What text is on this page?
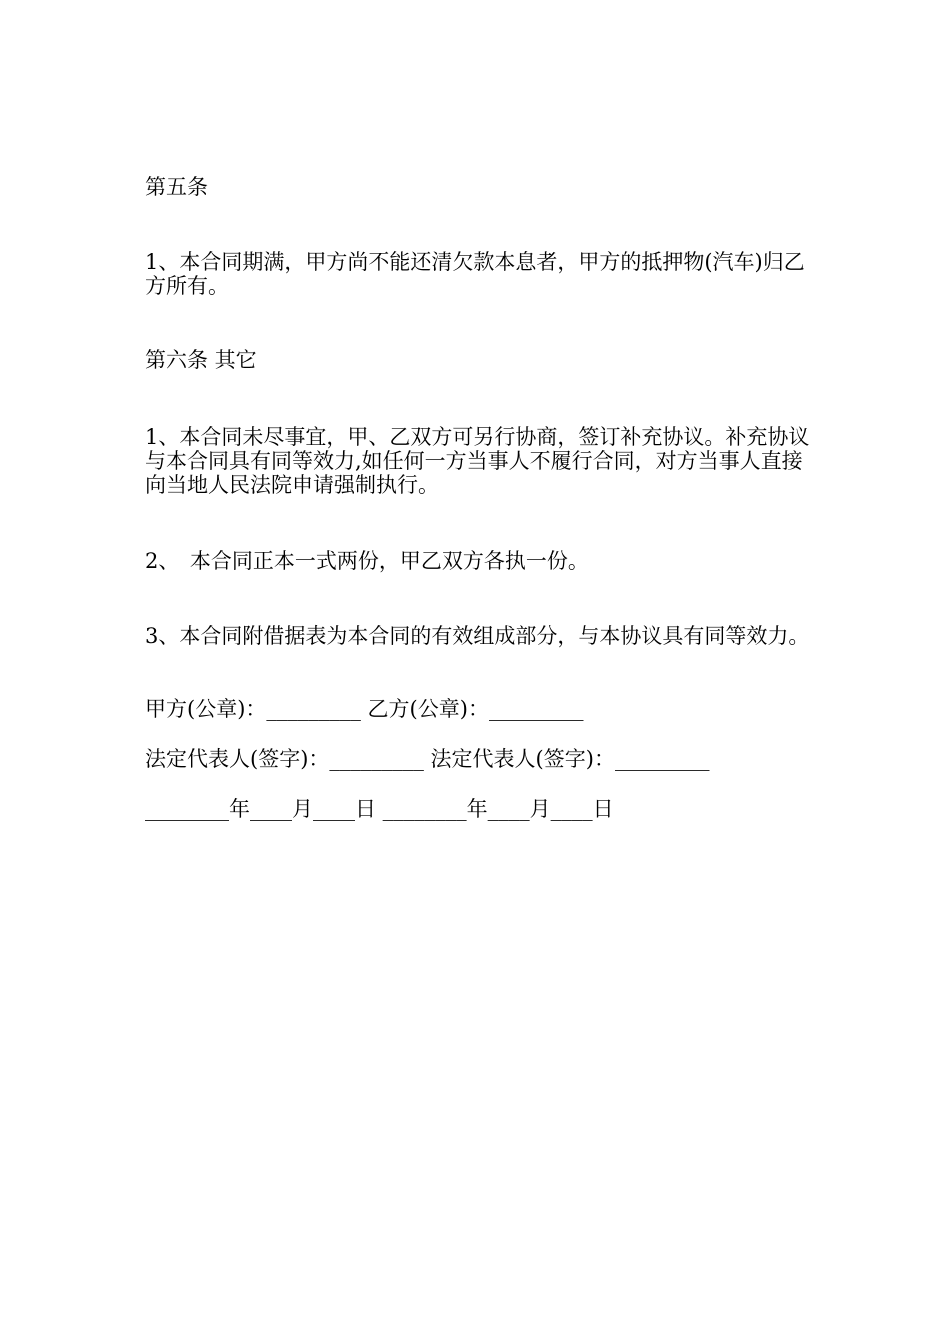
第五条
1、本合同期满，甲方尚不能还清欠款本息者，甲方的抵押物(汽车)归乙方所有。
第六条 其它
1、本合同未尽事宜，甲、乙双方可另行协商，签订补充协议。补充协议与本合同具有同等效力,如任何一方当事人不履行合同，对方当事人直接向当地人民法院申请强制执行。
2、　本合同正本一式两份，甲乙双方各执一份。
3、本合同附借据表为本合同的有效组成部分，与本协议具有同等效力。
甲方(公章)：_________ 乙方(公章)：_________
法定代表人(签字)：_________ 法定代表人(签字)：_________
________年____月____日 ________年____月____日
